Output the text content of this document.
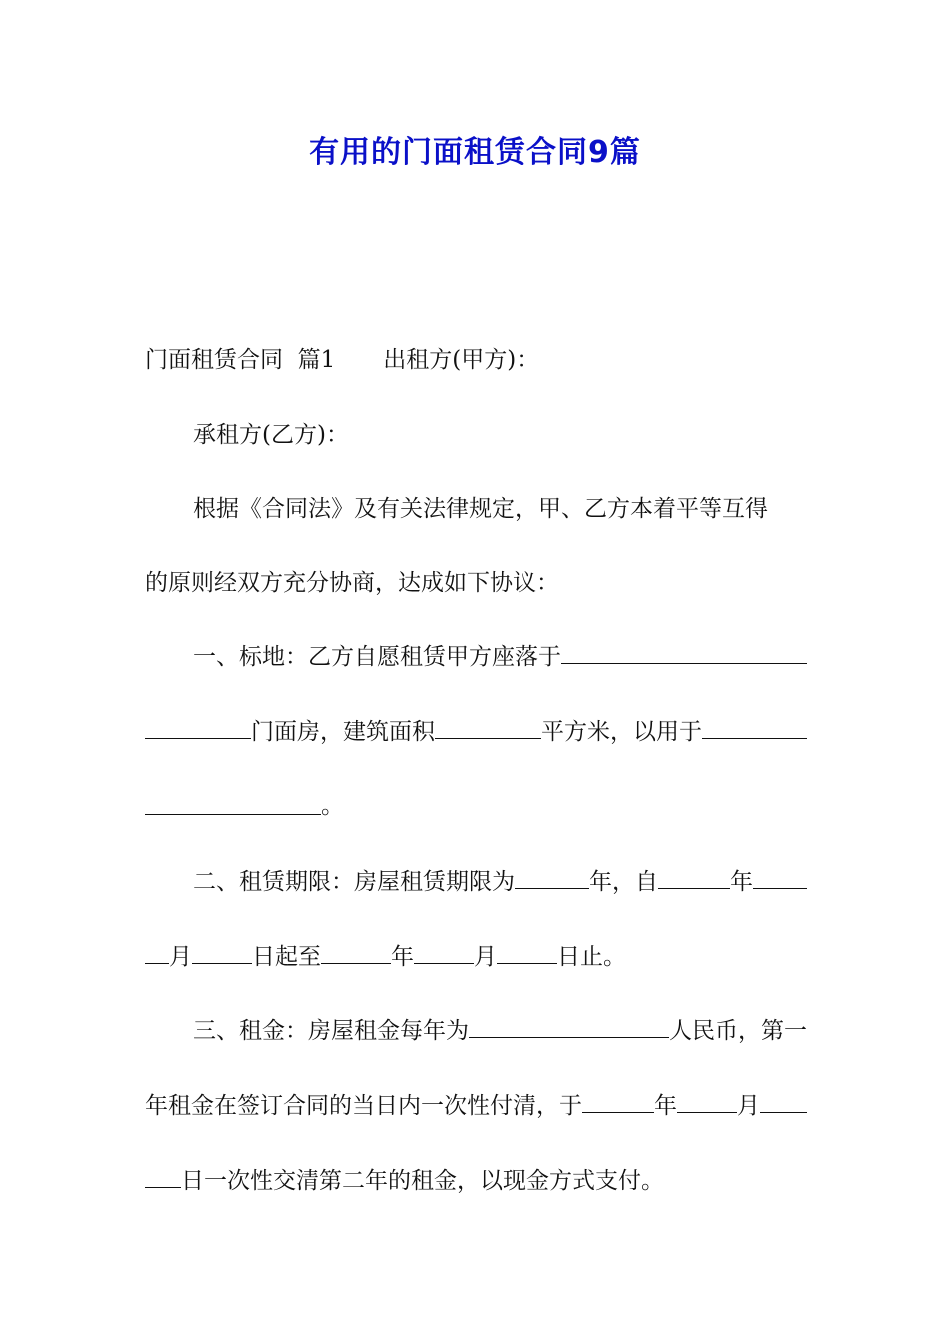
有用的门面租赁合同9篇
门面租赁合同  篇1 出租方(甲方)：
承租方(乙方)：
根据《合同法》及有关法律规定，甲、乙方本着平等互得
的原则经双方充分协商，达成如下协议：
一、标地：乙方自愿租赁甲方座落于
门面房，建筑面积	平方米，以用于
。
二、租赁期限：房屋租赁期限为	年，自	年
月	日起至	年	月	日止。
三、租金：房屋租金每年为	人民币，第一
年租金在签订合同的当日内一次性付清，于	年	月
日一次性交清第二年的租金，以现金方式支付。
